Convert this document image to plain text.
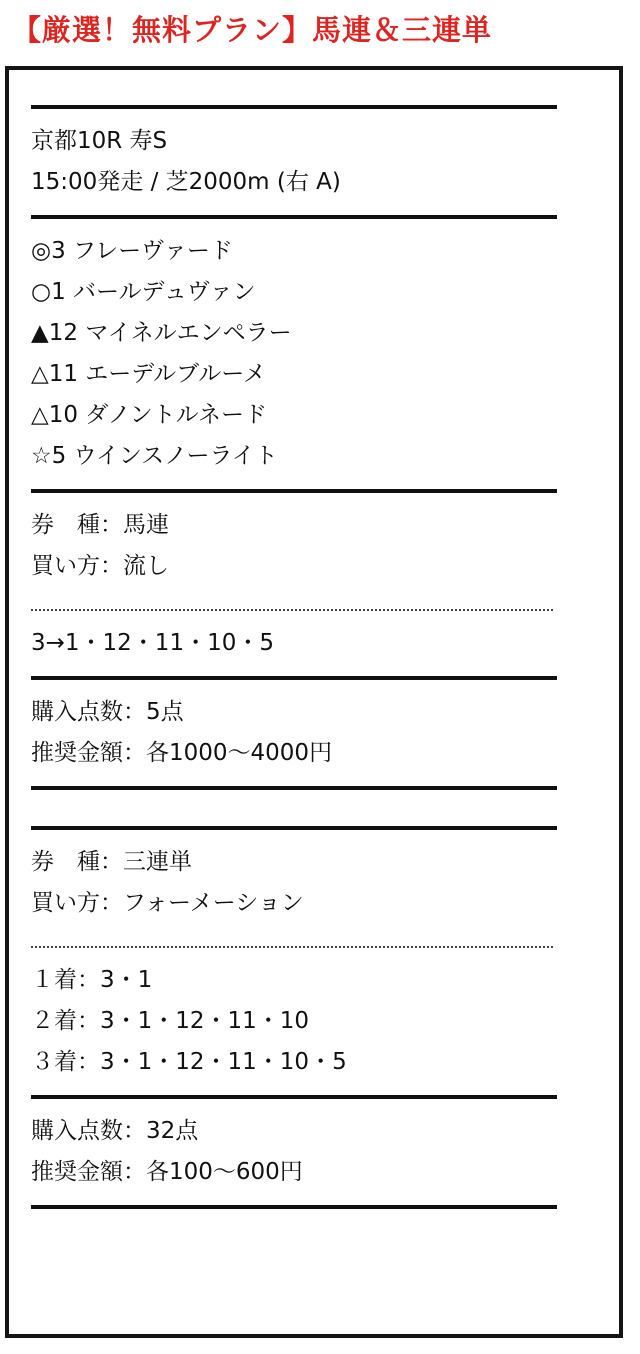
【厳選！無料プラン】馬連＆三連単
京都10R 寿S
15:00発走 / 芝2000m (右 A)
◎3 フレーヴァード
○1 バールデュヴァン
▲12 マイネルエンペラー
△11 エーデルブルーメ
△10 ダノントルネード
☆5 ウインスノーライト
券　種：馬連
買い方：流し
3→1・12・11・10・5
購入点数：5点
推奨金額：各1000〜4000円
券　種：三連単
買い方：フォーメーション
１着：3・1
２着：3・1・12・11・10
３着：3・1・12・11・10・5
購入点数：32点
推奨金額：各100〜600円
